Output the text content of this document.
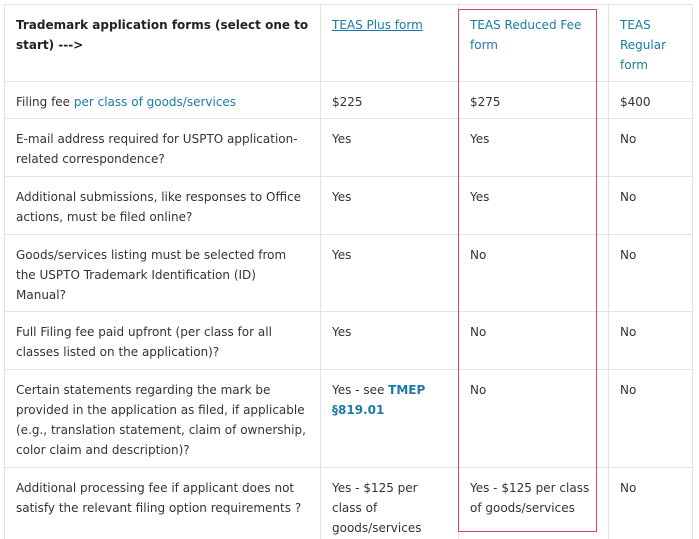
Trademark application forms (select one to start) --->	TEAS Plus form	TEAS Reduced Fee form	TEAS Regular form
Filing fee per class of goods/services	$225	$275	$400
E-mail address required for USPTO application-related correspondence?	Yes	Yes	No
Additional submissions, like responses to Office actions, must be filed online?	Yes	Yes	No
Goods/services listing must be selected from the USPTO Trademark Identification (ID) Manual?	Yes	No	No
Full Filing fee paid upfront (per class for all classes listed on the application)?	Yes	No	No
Certain statements regarding the mark be provided in the application as filed, if applicable (e.g., translation statement, claim of ownership, color claim and description)?	Yes - see TMEP §819.01	No	No
Additional processing fee if applicant does not satisfy the relevant filing option requirements ?	Yes - $125 per class of goods/services	Yes - $125 per class of goods/services	No
